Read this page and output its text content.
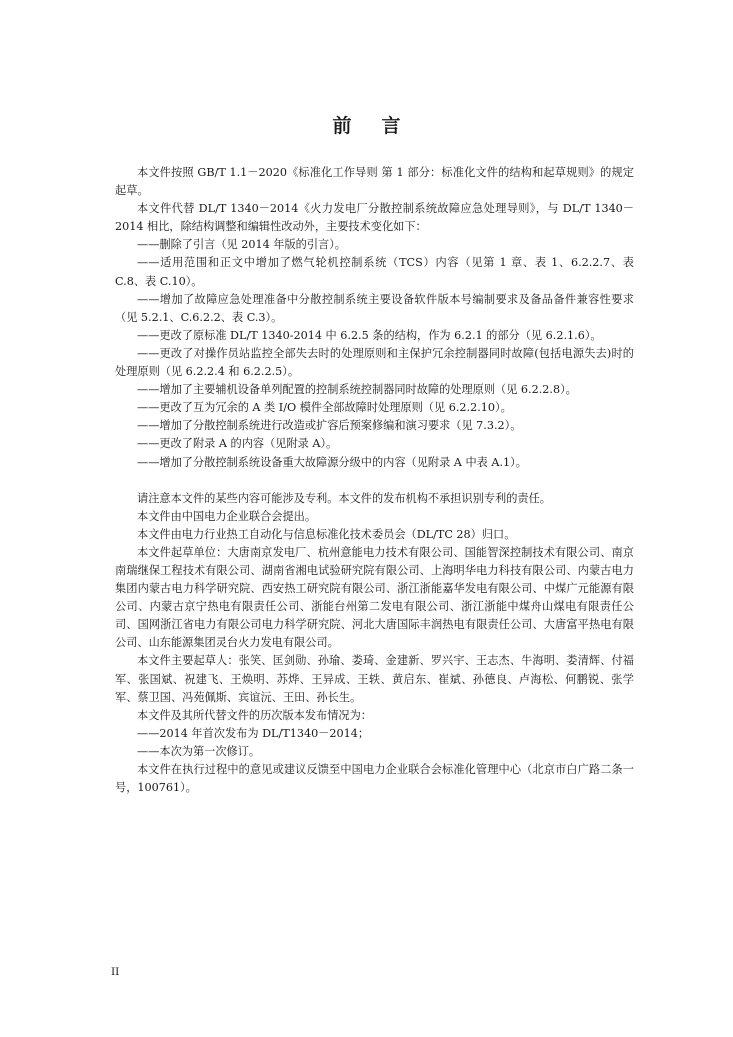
前言

本文件按照 GB/T 1.1－2020《标准化工作导则 第 1 部分：标准化文件的结构和起草规则》的规定起草。

本文件代替 DL/T 1340－2014《火力发电厂分散控制系统故障应急处理导则》，与 DL/T 1340－2014 相比，除结构调整和编辑性改动外，主要技术变化如下：

——删除了引言（见 2014 年版的引言）。

——适用范围和正文中增加了燃气轮机控制系统（TCS）内容（见第 1 章、表 1、6.2.2.7、表 C.8、表 C.10）。

——增加了故障应急处理准备中分散控制系统主要设备软件版本号编制要求及备品备件兼容性要求（见 5.2.1、C.6.2.2、表 C.3）。

——更改了原标准 DL/T 1340-2014 中 6.2.5 条的结构，作为 6.2.1 的部分（见 6.2.1.6）。

——更改了对操作员站监控全部失去时的处理原则和主保护冗余控制器同时故障(包括电源失去)时的处理原则（见 6.2.2.4 和 6.2.2.5）。

——增加了主要辅机设备单列配置的控制系统控制器同时故障的处理原则（见 6.2.2.8）。

——更改了互为冗余的 A 类 I/O 模件全部故障时处理原则（见 6.2.2.10）。

——增加了分散控制系统进行改造或扩容后预案修编和演习要求（见 7.3.2）。

——更改了附录 A 的内容（见附录 A）。

——增加了分散控制系统设备重大故障源分级中的内容（见附录 A 中表 A.1）。

请注意本文件的某些内容可能涉及专利。本文件的发布机构不承担识别专利的责任。

本文件由中国电力企业联合会提出。

本文件由电力行业热工自动化与信息标准化技术委员会（DL/TC 28）归口。

本文件起草单位：大唐南京发电厂、杭州意能电力技术有限公司、国能智深控制技术有限公司、南京南瑞继保工程技术有限公司、湖南省湘电试验研究院有限公司、上海明华电力科技有限公司、内蒙古电力集团内蒙古电力科学研究院、西安热工研究院有限公司、浙江浙能嘉华发电有限公司、中煤广元能源有限公司、内蒙古京宁热电有限责任公司、浙能台州第二发电有限公司、浙江浙能中煤舟山煤电有限责任公司、国网浙江省电力有限公司电力科学研究院、河北大唐国际丰润热电有限责任公司、大唐富平热电有限公司、山东能源集团灵台火力发电有限公司。

本文件主要起草人：张笑、匡剑勋、孙瑜、娄琦、金建新、罗兴宇、王志杰、牛海明、娄清辉、付福军、张国斌、祝建飞、王焕明、苏烨、王异成、王轶、黄启东、崔斌、孙德良、卢海松、何鹏锐、张学军、蔡卫国、冯苑佩斯、宾谊沅、王田、孙长生。

本文件及其所代替文件的历次版本发布情况为：

——2014 年首次发布为 DL/T1340－2014；

——本次为第一次修订。

本文件在执行过程中的意见或建议反馈至中国电力企业联合会标准化管理中心（北京市白广路二条一号，100761）。

II
